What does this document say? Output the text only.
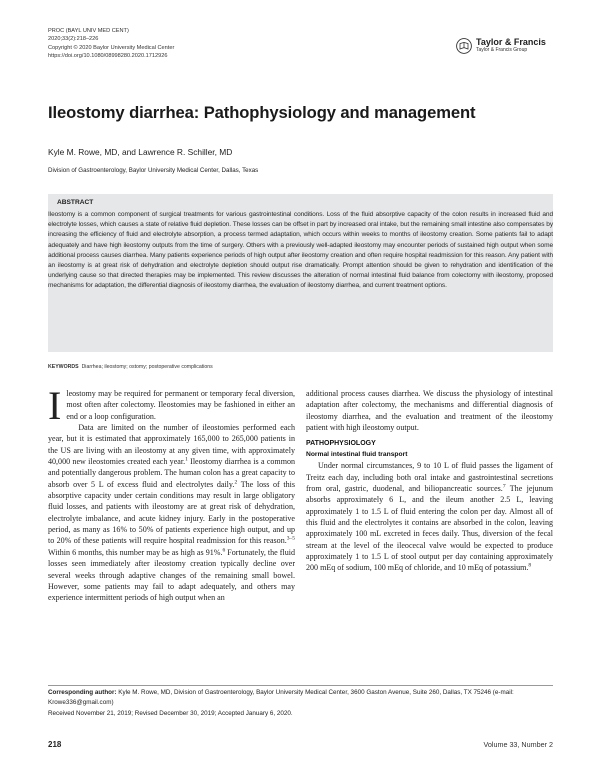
PROC (BAYL UNIV MED CENT)
2020;33(2):218–226
Copyright © 2020 Baylor University Medical Center
https://doi.org/10.1080/08998280.2020.1712926
Taylor & Francis
Taylor & Francis Group
Ileostomy diarrhea: Pathophysiology and management
Kyle M. Rowe, MD, and Lawrence R. Schiller, MD
Division of Gastroenterology, Baylor University Medical Center, Dallas, Texas
ABSTRACT
Ileostomy is a common component of surgical treatments for various gastrointestinal conditions. Loss of the fluid absorptive capacity of the colon results in increased fluid and electrolyte losses, which causes a state of relative fluid depletion. These losses can be offset in part by increased oral intake, but the remaining small intestine also compensates by increasing the efficiency of fluid and electrolyte absorption, a process termed adaptation, which occurs within weeks to months of ileostomy creation. Some patients fail to adapt adequately and have high ileostomy outputs from the time of surgery. Others with a previously well-adapted ileostomy may encounter periods of sustained high output when some additional process causes diarrhea. Many patients experience periods of high output after ileostomy creation and often require hospital readmission for this reason. Any patient with an ileostomy is at great risk of dehydration and electrolyte depletion should output rise dramatically. Prompt attention should be given to rehydration and identification of the underlying cause so that directed therapies may be implemented. This review discusses the alteration of normal intestinal fluid balance from colectomy with ileostomy, proposed mechanisms for adaptation, the differential diagnosis of ileostomy diarrhea, the evaluation of ileostomy diarrhea, and current treatment options.
KEYWORDS Diarrhea; ileostomy; ostomy; postoperative complications
I leostomy may be required for permanent or temporary fecal diversion, most often after colectomy. Ileostomies may be fashioned in either an end or a loop configuration.

Data are limited on the number of ileostomies performed each year, but it is estimated that approximately 165,000 to 265,000 patients in the US are living with an ileostomy at any given time, with approximately 40,000 new ileostomies created each year.$^1$ Ileostomy diarrhea is a common and potentially dangerous problem. The human colon has a great capacity to absorb over 5 L of excess fluid and electrolytes daily.$^2$ The loss of this absorptive capacity under certain conditions may result in large obligatory fluid losses, and patients with ileostomy are at great risk of dehydration, electrolyte imbalance, and acute kidney injury. Early in the postoperative period, as many as 16% to 50% of patients experience high output, and up to 20% of these patients will require hospital readmission for this reason.$^{3-5}$ Within 6 months, this number may be as high as 91%.$^6$ Fortunately, the fluid losses seen immediately after ileostomy creation typically decline over several weeks through adaptive changes of the remaining small bowel. However, some patients may fail to adapt adequately, and others may experience intermittent periods of high output when an

additional process causes diarrhea. We discuss the physiology of intestinal adaptation after colectomy, the mechanisms and differential diagnosis of ileostomy diarrhea, and the evaluation and treatment of the ileostomy patient with high ileostomy output.

PATHOPHYSIOLOGY
Normal intestinal fluid transport

Under normal circumstances, 9 to 10 L of fluid passes the ligament of Treitz each day, including both oral intake and gastrointestinal secretions from oral, gastric, duodenal, and biliopancreatic sources.$^7$ The jejunum absorbs approximately 6 L, and the ileum another 2.5 L, leaving approximately 1 to 1.5 L of fluid entering the colon per day. Almost all of this fluid and the electrolytes it contains are absorbed in the colon, leaving approximately 100 mL excreted in feces daily. Thus, diversion of the fecal stream at the level of the ileocecal valve would be expected to produce approximately 1 to 1.5 L of stool output per day containing approximately 200 mEq of sodium, 100 mEq of chloride, and 10 mEq of potassium.$^8$

Corresponding author: Kyle M. Rowe, MD, Division of Gastroenterology, Baylor University Medical Center, 3600 Gaston Avenue, Suite 260, Dallas, TX 75246 (e-mail: Krowe336@gmail.com)
Received November 21, 2019; Revised December 30, 2019; Accepted January 6, 2020.
218	Volume 33, Number 2
